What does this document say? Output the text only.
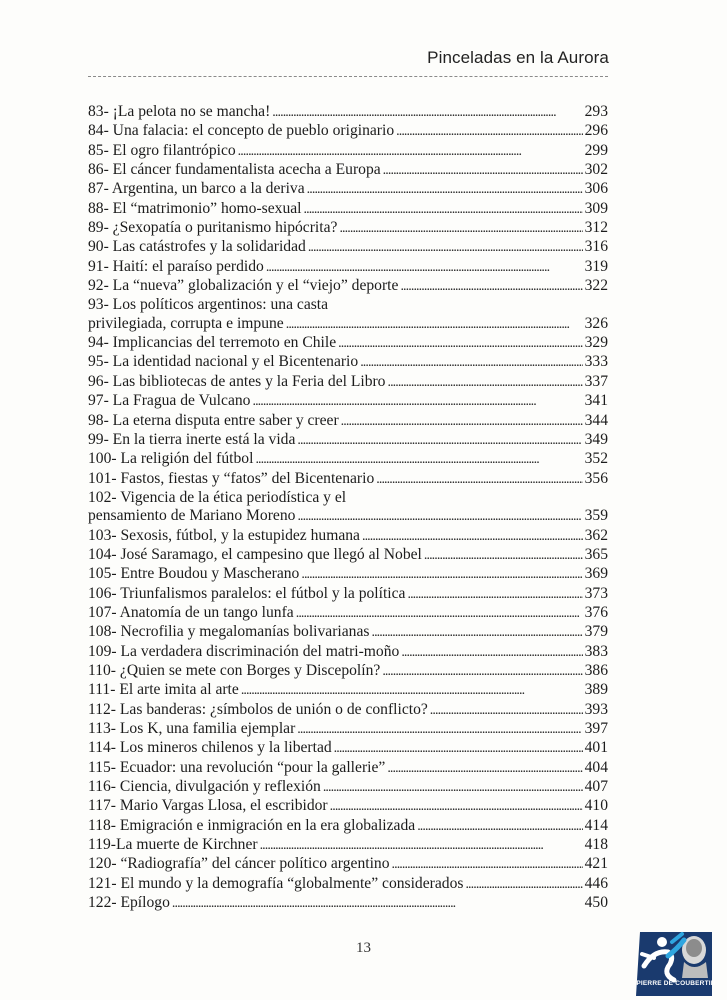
Pinceladas en la Aurora
83- ¡La pelota no se mancha! . . .	293
84- Una falacia: el concepto de pueblo originario . . .	296
85- El ogro filantrópico . . .	299
86- El cáncer fundamentalista acecha a Europa . . .	302
87- Argentina, un barco a la deriva . . .	306
88- El “matrimonio” homo-sexual . . .	309
89- ¿Sexopatía o puritanismo hipócrita? . . .	312
90- Las catástrofes y la solidaridad . . .	316
91- Haití: el paraíso perdido . . .	319
92- La “nueva” globalización y el “viejo” deporte . . .	322
93- Los políticos argentinos: una casta
privilegiada, corrupta e impune . . .	326
94- Implicancias del terremoto en Chile . . .	329
95- La identidad nacional y el Bicentenario . . .	333
96- Las bibliotecas de antes y la Feria del Libro . . .	337
97- La Fragua de Vulcano . . .	341
98- La eterna disputa entre saber y creer . . .	344
99- En la tierra inerte está la vida . . .	349
100- La religión del fútbol . . .	352
101- Fastos, fiestas y “fatos” del Bicentenario . . .	356
102- Vigencia de la ética periodística y el
pensamiento de Mariano Moreno . . .	359
103- Sexosis, fútbol, y la estupidez humana . . .	362
104- José Saramago, el campesino que llegó al Nobel . . .	365
105- Entre Boudou y Mascherano . . .	369
106- Triunfalismos paralelos: el fútbol y la política . . .	373
107- Anatomía de un tango lunfa . . .	376
108- Necrofilia y megalomanías bolivarianas . . .	379
109- La verdadera discriminación del matri-moño . . .	383
110- ¿Quien se mete con Borges y Discepolín? . . .	386
111- El arte imita al arte . . .	389
112- Las banderas: ¿símbolos de unión o de conflicto? . . .	393
113- Los K, una familia ejemplar . . .	397
114- Los mineros chilenos y la libertad . . .	401
115- Ecuador: una revolución “pour la gallerie” . . .	404
116- Ciencia, divulgación y reflexión . . .	407
117- Mario Vargas Llosa, el escribidor . . .	410
118- Emigración e inmigración en la era globalizada . . .	414
119-La muerte de Kirchner . . .	418
120- “Radiografía” del cáncer político argentino . . .	421
121- El mundo y la demografía “globalmente” considerados . . .	446
122- Epílogo . . .	450
13
PIERRE DE COUBERTIN
